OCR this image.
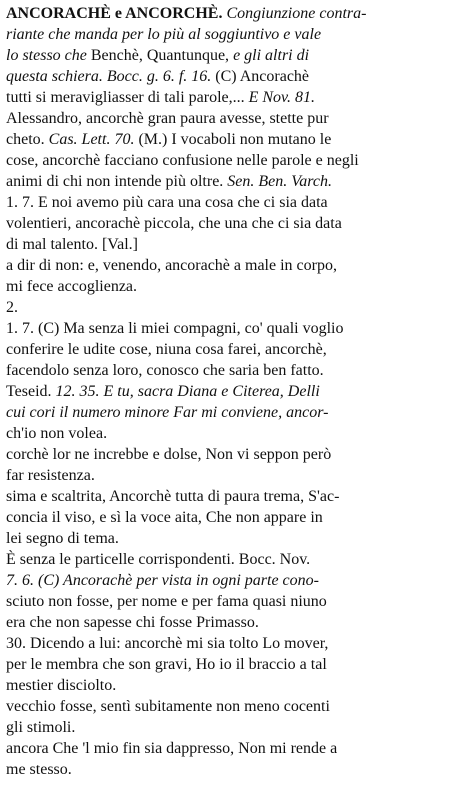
ANCORACHÈ e ANCORCHÈ. Congiunzione contra-
riante che manda per lo più al soggiuntivo e vale
lo stesso che Benchè, Quantunque, e gli altri di
questa schiera. Bocc. g. 6. f. 16. (C) Ancorachè
tutti si meravigliasser di tali parole,... E Nov. 81.
Alessandro, ancorchè gran paura avesse, stette pur
cheto. Cas. Lett. 70. (M.) I vocaboli non mutano le
cose, ancorchè facciano confusione nelle parole e negli
animi di chi non intende più oltre. Sen. Ben. Varch.
1. 7. E noi avemo più cara una cosa che ci sia data
volentieri, ancorachè piccola, che una che ci sia data
di mal talento. [Val.]
a dir di non: e, venendo, ancorachè a male in corpo,
mi fece accoglienza.
2.
1. 7. (C) Ma senza li miei compagni, co' quali voglio
conferire le udite cose, niuna cosa farei, ancorchè,
facendolo senza loro, conosco che saria ben fatto.
Teseid. 12. 35. E tu, sacra Diana e Citerea, Delli
cui cori il numero minore Far mi conviene, ancor-
ch'io non volea.
corchè lor ne increbbe e dolse, Non vi seppon però
far resistenza.
sima e scaltrita, Ancorchè tutta di paura trema, S'ac-
concia il viso, e sì la voce aita, Che non appare in
lei segno di tema.
È senza le particelle corrispondenti. Bocc. Nov.
7. 6. (C) Ancorachè per vista in ogni parte cono-
sciuto non fosse, per nome e per fama quasi niuno
era che non sapesse chi fosse Primasso.
30. Dicendo a lui: ancorchè mi sia tolto Lo mover,
per le membra che son gravi, Ho io il braccio a tal
mestier disciolto.
vecchio fosse, sentì subitamente non meno cocenti
gli stimoli.
ancora Che 'l mio fin sia dappresso, Non mi rende a
me stesso.
